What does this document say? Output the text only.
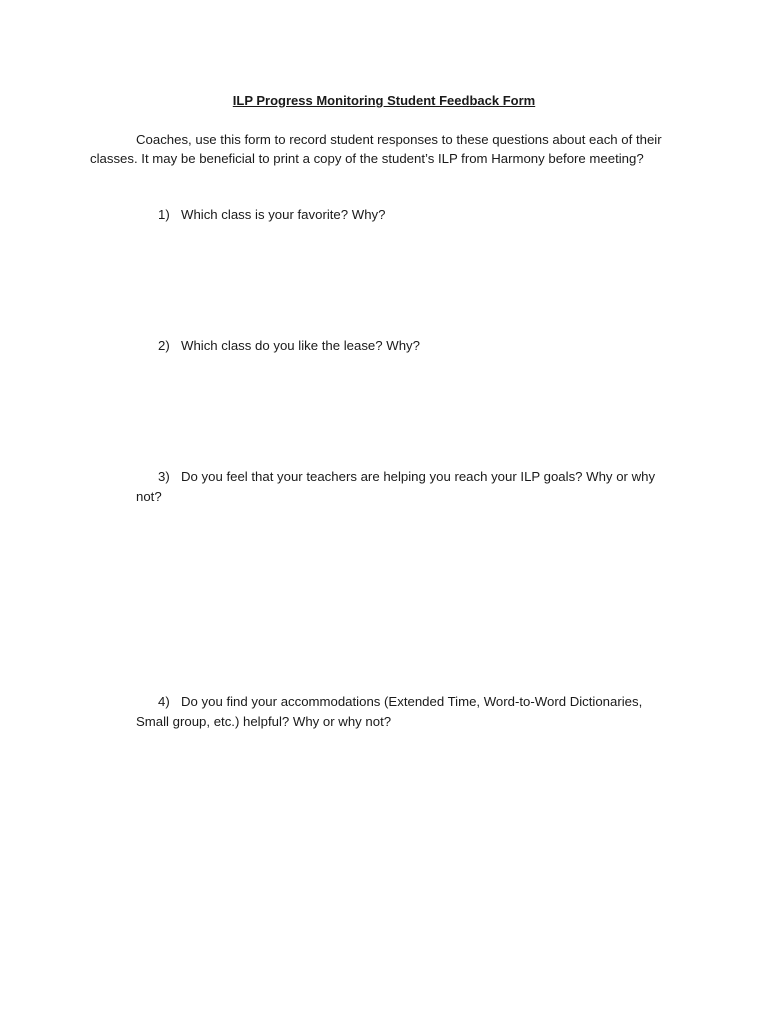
ILP Progress Monitoring Student Feedback Form

Coaches, use this form to record student responses to these questions about each of their classes. It may be beneficial to print a copy of the student’s ILP from Harmony before meeting?

1) Which class is your favorite? Why?
2) Which class do you like the lease? Why?
3) Do you feel that your teachers are helping you reach your ILP goals? Why or why
not?
4) Do you find your accommodations (Extended Time, Word-to-Word Dictionaries,
Small group, etc.) helpful? Why or why not?
